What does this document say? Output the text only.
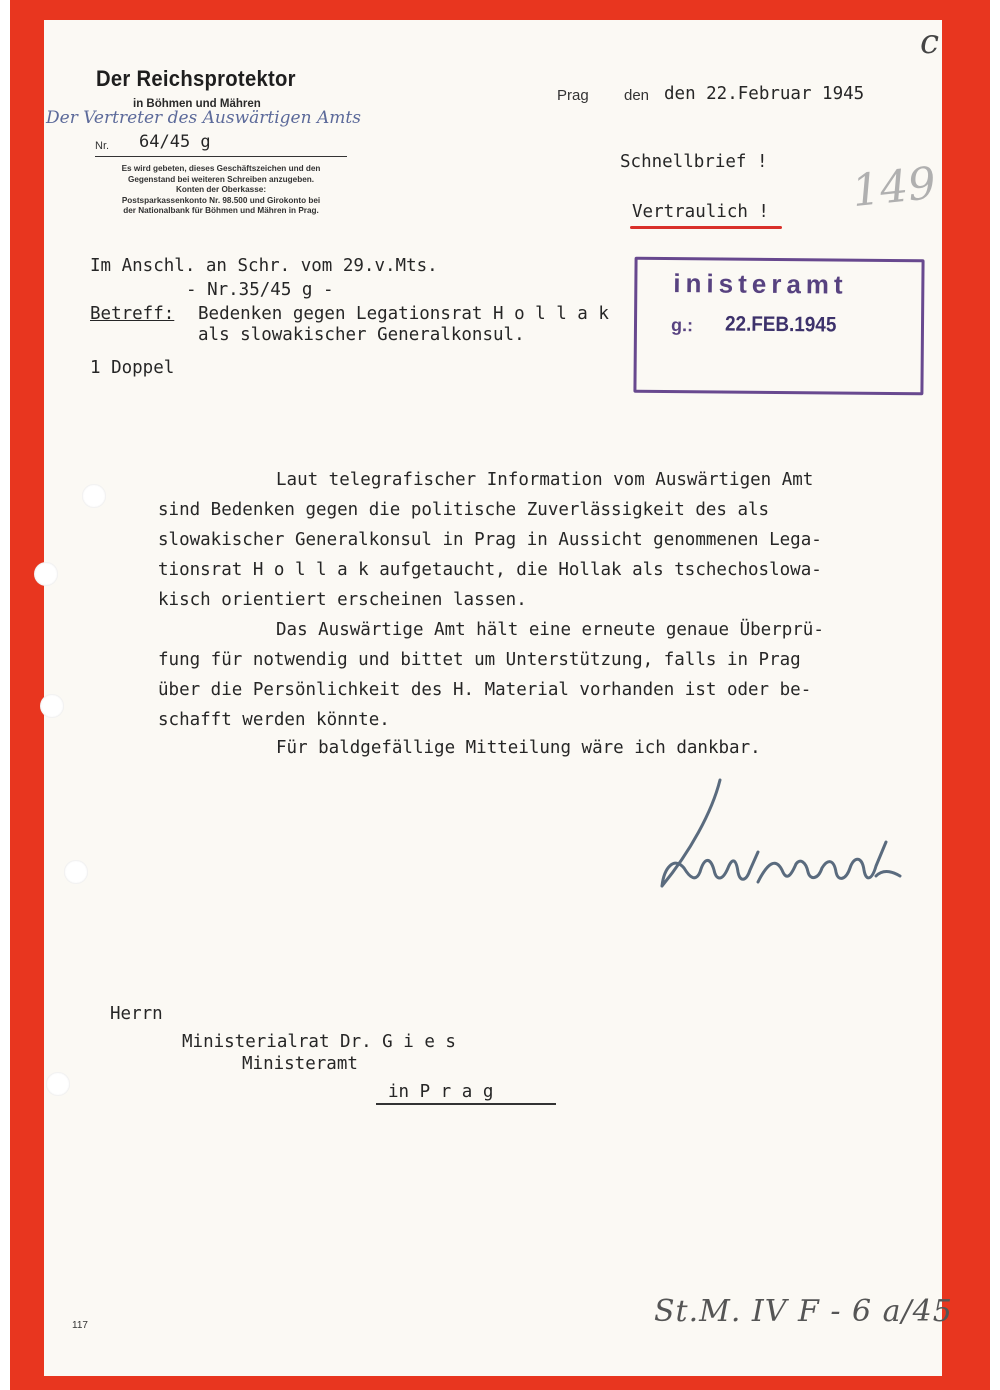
Der Reichsprotektor
in Böhmen und Mähren
Der Vertreter des Auswärtigen Amts
Nr. 64/45 g
Es wird gebeten, dieses Geschäftszeichen und den
Gegenstand bei weiteren Schreiben anzugeben.
Konten der Oberkasse:
Postsparkassenkonto Nr. 98.500 und Girokonto bei
der Nationalbank für Böhmen und Mähren in Prag.
Prag den den 22.Februar 1945
c
149
Schnellbrief !
Vertraulich !
Im Anschl. an Schr. vom 29.v.Mts.
- Nr.35/45 g -
Betreff: Bedenken gegen Legationsrat H o l l a k
als slowakischer Generalkonsul.
1 Doppel
inisteramt
g.: 22.FEB.1945
Laut telegrafischer Information vom Auswärtigen Amt
sind Bedenken gegen die politische Zuverlässigkeit des als
slowakischer Generalkonsul in Prag in Aussicht genommenen Lega-
tionsrat H o l l a k aufgetaucht, die Hollak als tschechoslowa-
kisch orientiert erscheinen lassen.
Das Auswärtige Amt hält eine erneute genaue Überprü-
fung für notwendig und bittet um Unterstützung, falls in Prag
über die Persönlichkeit des H. Material vorhanden ist oder be-
schafft werden könnte.
Für baldgefällige Mitteilung wäre ich dankbar.
Herrn
Ministerialrat Dr. G i e s
Ministeramt
in P r a g
117	St.M. IV F - 6 a/45
